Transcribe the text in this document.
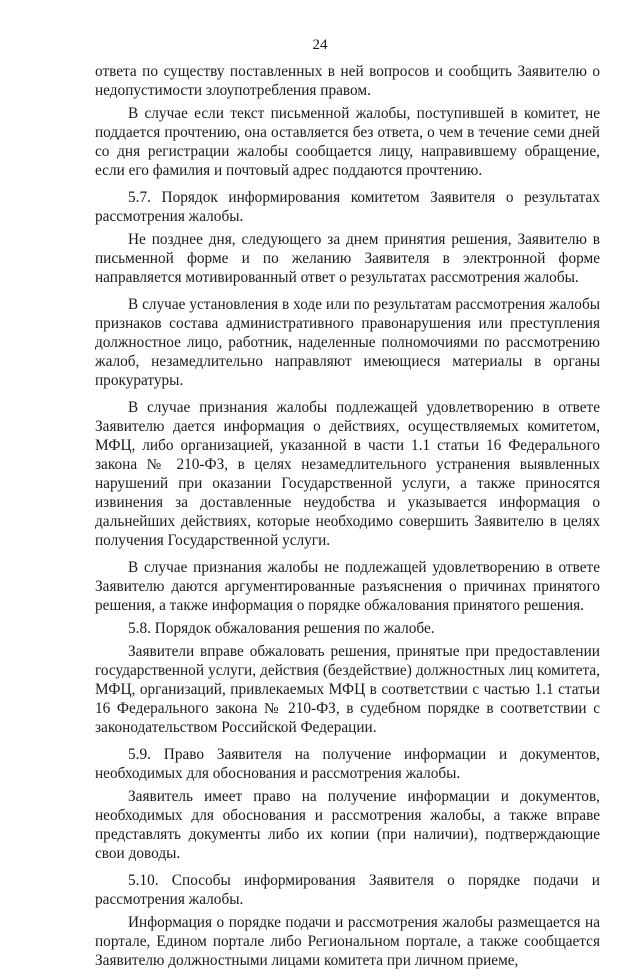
24

ответа по существу поставленных в ней вопросов и сообщить Заявителю о недопустимости злоупотребления правом.

В случае если текст письменной жалобы, поступившей в комитет, не поддается прочтению, она оставляется без ответа, о чем в течение семи дней со дня регистрации жалобы сообщается лицу, направившему обращение, если его фамилия и почтовый адрес поддаются прочтению.

5.7. Порядок информирования комитетом Заявителя о результатах рассмотрения жалобы.

Не позднее дня, следующего за днем принятия решения, Заявителю в письменной форме и по желанию Заявителя в электронной форме направляется мотивированный ответ о результатах рассмотрения жалобы.

В случае установления в ходе или по результатам рассмотрения жалобы признаков состава административного правонарушения или преступления должностное лицо, работник, наделенные полномочиями по рассмотрению жалоб, незамедлительно направляют имеющиеся материалы в органы прокуратуры.

В случае признания жалобы подлежащей удовлетворению в ответе Заявителю дается информация о действиях, осуществляемых комитетом, МФЦ, либо организацией, указанной в части 1.1 статьи 16 Федерального закона № 210-ФЗ, в целях незамедлительного устранения выявленных нарушений при оказании Государственной услуги, а также приносятся извинения за доставленные неудобства и указывается информация о дальнейших действиях, которые необходимо совершить Заявителю в целях получения Государственной услуги.

В случае признания жалобы не подлежащей удовлетворению в ответе Заявителю даются аргументированные разъяснения о причинах принятого решения, а также информация о порядке обжалования принятого решения.

5.8. Порядок обжалования решения по жалобе.

Заявители вправе обжаловать решения, принятые при предоставлении государственной услуги, действия (бездействие) должностных лиц комитета, МФЦ, организаций, привлекаемых МФЦ в соответствии с частью 1.1 статьи 16 Федерального закона № 210-ФЗ, в судебном порядке в соответствии с законодательством Российской Федерации.

5.9. Право Заявителя на получение информации и документов, необходимых для обоснования и рассмотрения жалобы.

Заявитель имеет право на получение информации и документов, необходимых для обоснования и рассмотрения жалобы, а также вправе представлять документы либо их копии (при наличии), подтверждающие свои доводы.

5.10. Способы информирования Заявителя о порядке подачи и рассмотрения жалобы.

Информация о порядке подачи и рассмотрения жалобы размещается на портале, Едином портале либо Региональном портале, а также сообщается Заявителю должностными лицами комитета при личном приеме,
